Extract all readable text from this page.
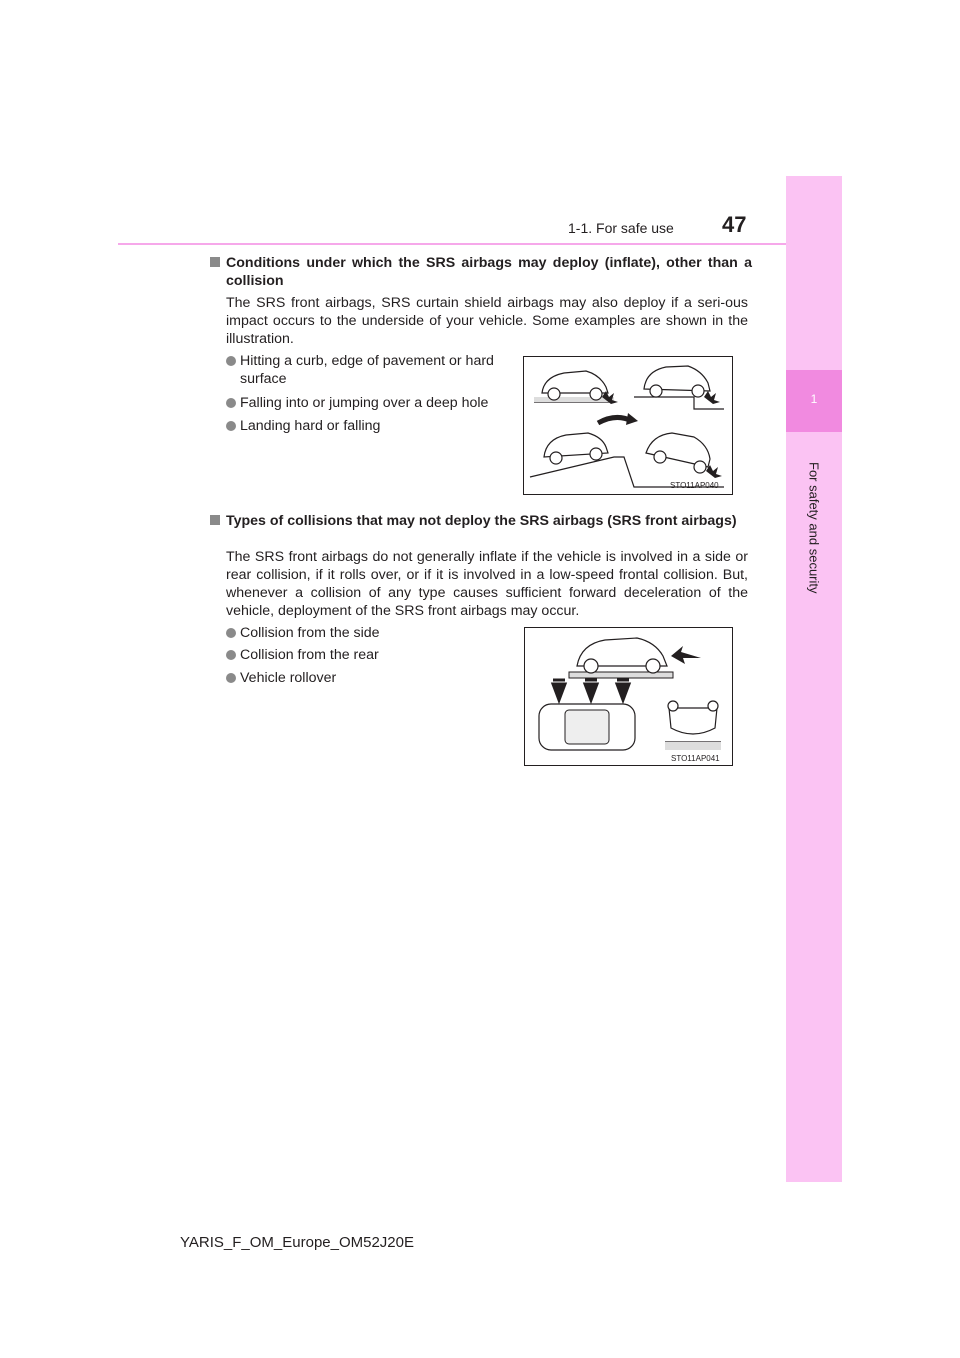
1
For safety and security
1-1. For safe use 47
Conditions under which the SRS airbags may deploy (inflate), other than a collision
The SRS front airbags, SRS curtain shield airbags may also deploy if a seri-ous impact occurs to the underside of your vehicle. Some examples are shown in the illustration.
Hitting a curb, edge of pavement or hard surface
Falling into or jumping over a deep hole
Landing hard or falling
STO11AP040
Types of collisions that may not deploy the SRS airbags (SRS front airbags)
The SRS front airbags do not generally inflate if the vehicle is involved in a side or rear collision, if it rolls over, or if it is involved in a low-speed frontal collision. But, whenever a collision of any type causes sufficient forward deceleration of the vehicle, deployment of the SRS front airbags may occur.
Collision from the side
Collision from the rear
Vehicle rollover
STO11AP041
YARIS_F_OM_Europe_OM52J20E
